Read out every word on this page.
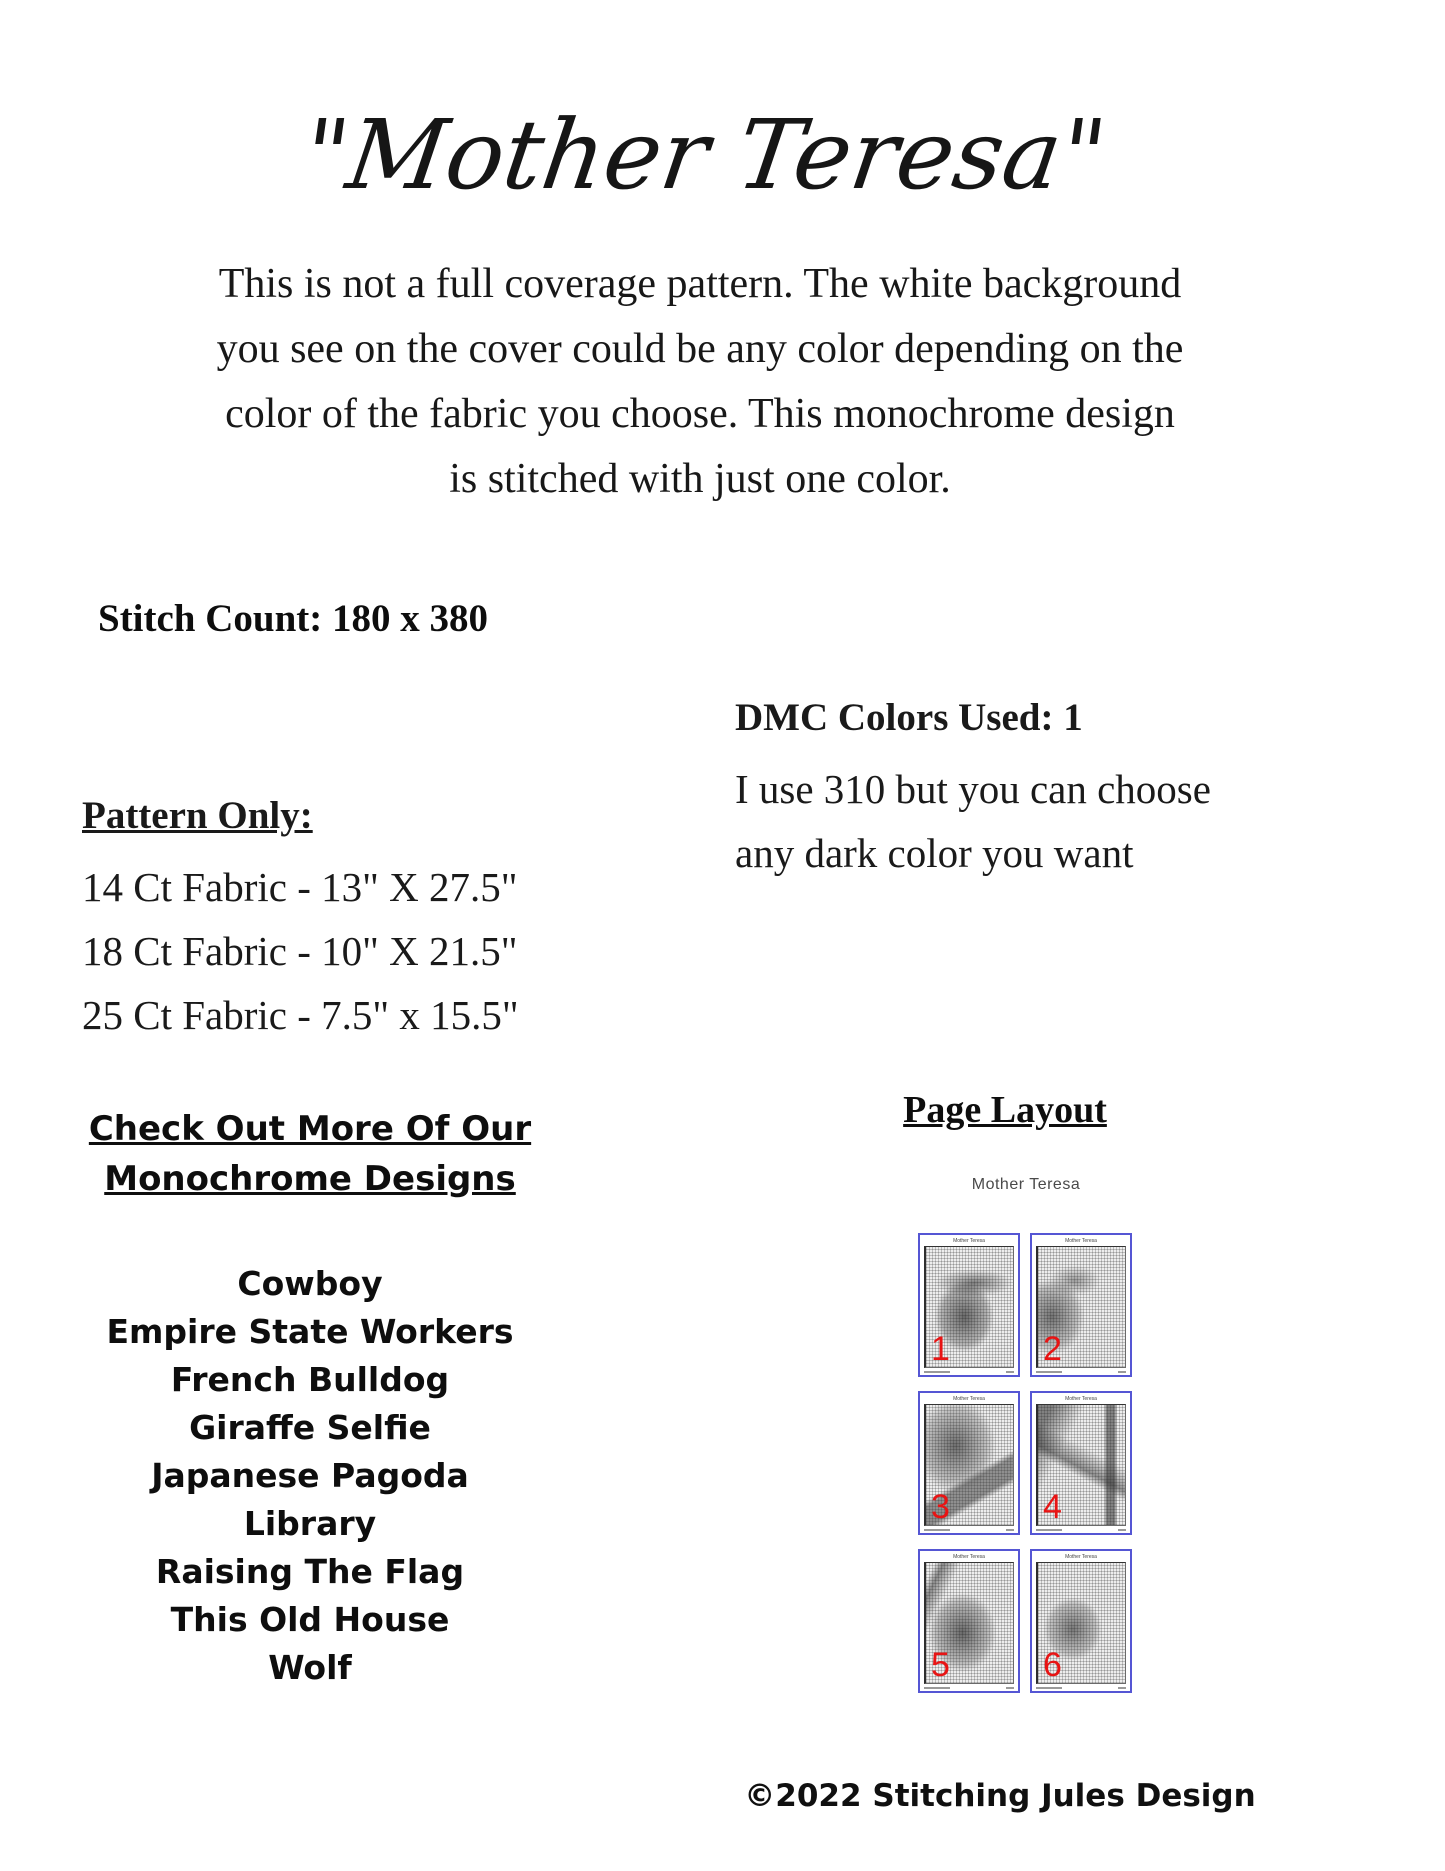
"Mother Teresa"
This is not a full coverage pattern. The white background
you see on the cover could be any color depending on the
color of the fabric you choose. This monochrome design
is stitched with just one color.
Stitch Count: 180 x 380
DMC Colors Used: 1
I use 310 but you can choose
any dark color you want
Pattern Only:
14 Ct Fabric - 13" X 27.5"
18 Ct Fabric - 10" X 21.5"
25 Ct Fabric - 7.5" x 15.5"
Check Out More Of Our
Monochrome Designs
Cowboy
Empire State Workers
French Bulldog
Giraffe Selfie
Japanese Pagoda
Library
Raising The Flag
This Old House
Wolf
Page Layout
Mother Teresa
Mother Teresa
1
Mother Teresa
2
Mother Teresa
3
Mother Teresa
4
Mother Teresa
5
Mother Teresa
6
©2022 Stitching Jules Design
